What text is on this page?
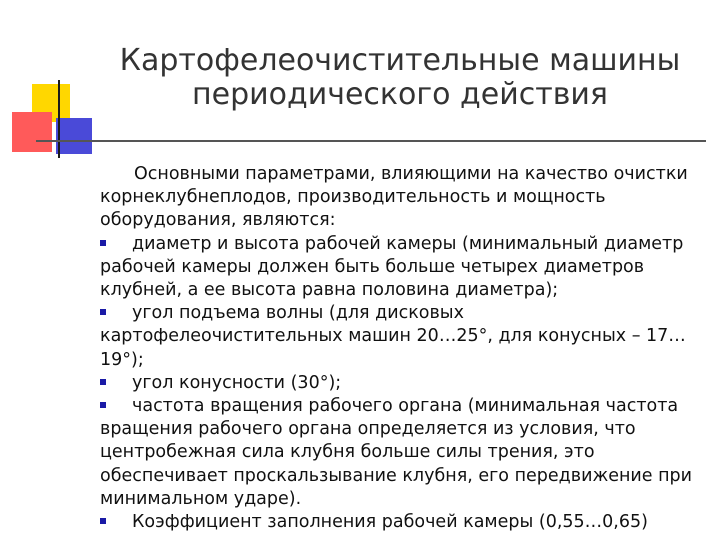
Картофелеочистительные машины
периодического действия

Основными параметрами, влияющими на качество очистки корнеклубнеплодов, производительность и мощность оборудования, являются:

диаметр и высота рабочей камеры (минимальный диаметр рабочей камеры должен быть больше четырех диаметров клубней, а ее высота равна половина диаметра);

угол подъема волны (для дисковых картофелеочистительных машин 20…25°, для конусных – 17…19°);

угол конусности (30°);

частота вращения рабочего органа (минимальная частота вращения рабочего органа определяется из условия, что центробежная сила клубня больше силы трения, это обеспечивает проскальзывание клубня, его передвижение при минимальном ударе).

Коэффициент заполнения рабочей камеры (0,55…0,65)
